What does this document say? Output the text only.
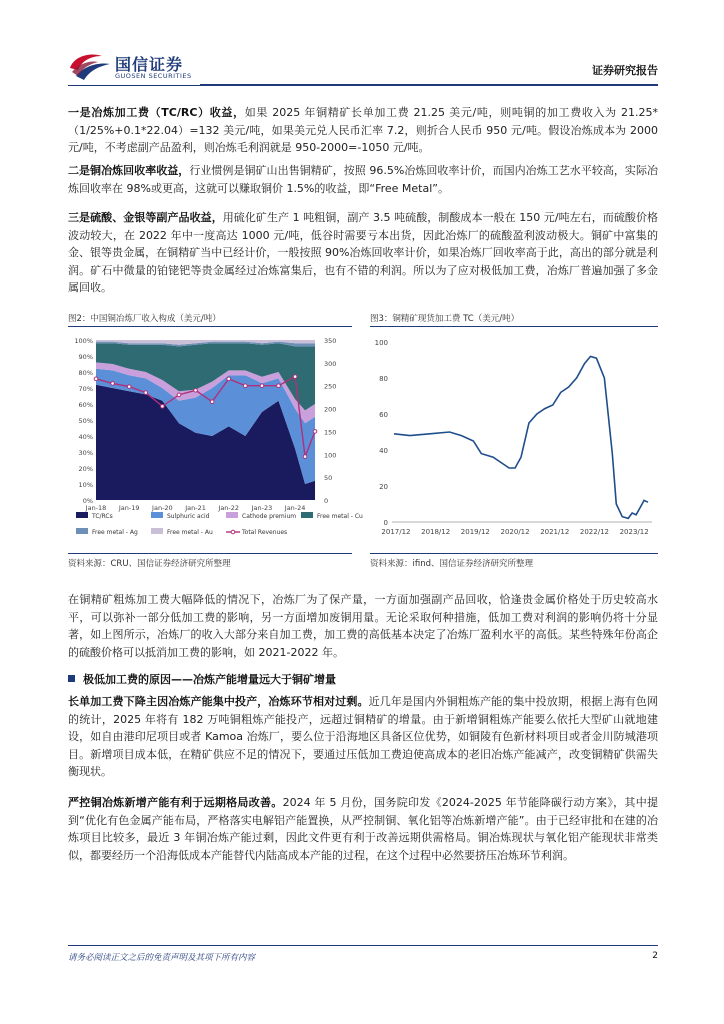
国信证券
GUOSEN SECURITIES	证券研究报告

一是冶炼加工费（TC/RC）收益，如果 2025 年铜精矿长单加工费 21.25 美元/吨，则吨铜的加工费收入为 21.25*（1/25%+0.1*22.04）=132 美元/吨，如果美元兑人民币汇率 7.2，则折合人民币 950 元/吨。假设冶炼成本为 2000 元/吨，不考虑副产品盈利，则冶炼毛利润就是 950-2000=-1050 元/吨。

二是铜冶炼回收率收益，行业惯例是铜矿山出售铜精矿，按照 96.5%冶炼回收率计价，而国内冶炼工艺水平较高，实际冶炼回收率在 98%或更高，这就可以赚取铜价 1.5%的收益，即“Free Metal”。

三是硫酸、金银等副产品收益，用硫化矿生产 1 吨粗铜，副产 3.5 吨硫酸，制酸成本一般在 150 元/吨左右，而硫酸价格波动较大，在 2022 年中一度高达 1000 元/吨，低谷时需要亏本出货，因此冶炼厂的硫酸盈利波动极大。铜矿中富集的金、银等贵金属，在铜精矿当中已经计价，一般按照 90%冶炼回收率计价，如果冶炼厂回收率高于此，高出的部分就是利润。矿石中微量的铂铑钯等贵金属经过冶炼富集后，也有不错的利润。所以为了应对极低加工费，冶炼厂普遍加强了多金属回收。

图2：中国铜冶炼厂收入构成（美元/吨）
0%
10%
20%
30%
40%
50%
60%
70%
80%
90%
100%
0
50
100
150
200
250
300
350
Jan-18 Jan-19 Jan-20 Jan-21 Jan-22 Jan-23 Jan-24
TC/RCs	Sulphuric acid	Cathode premium	Free metal - Cu
Free metal - Ag	Free metal - Au	Total Revenues
资料来源：CRU、国信证券经济研究所整理
图3：铜精矿现货加工费 TC（美元/吨）
0
20
40
60
80
100
2017/12 2018/12 2019/12 2020/12 2021/12 2022/12 2023/12
资料来源：ifind、国信证券经济研究所整理

在铜精矿粗炼加工费大幅降低的情况下，冶炼厂为了保产量，一方面加强副产品回收，恰逢贵金属价格处于历史较高水平，可以弥补一部分低加工费的影响，另一方面增加废铜用量。无论采取何种措施，低加工费对利润的影响仍将十分显著，如上图所示，冶炼厂的收入大部分来自加工费，加工费的高低基本决定了冶炼厂盈利水平的高低。某些特殊年份高企的硫酸价格可以抵消加工费的影响，如 2021-2022 年。

极低加工费的原因——冶炼产能增量远大于铜矿增量

长单加工费下降主因冶炼产能集中投产，冶炼环节相对过剩。近几年是国内外铜粗炼产能的集中投放期，根据上海有色网的统计，2025 年将有 182 万吨铜粗炼产能投产，远超过铜精矿的增量。由于新增铜粗炼产能要么依托大型矿山就地建设，如自由港印尼项目或者 Kamoa 冶炼厂，要么位于沿海地区具备区位优势，如铜陵有色新材料项目或者金川防城港项目。新增项目成本低，在精矿供应不足的情况下，要通过压低加工费迫使高成本的老旧冶炼产能减产，改变铜精矿供需失衡现状。

严控铜冶炼新增产能有利于远期格局改善。2024 年 5 月份，国务院印发《2024-2025 年节能降碳行动方案》，其中提到“优化有色金属产能布局，严格落实电解铝产能置换，从严控制铜、氧化铝等冶炼新增产能”。由于已经审批和在建的冶炼项目比较多，最近 3 年铜冶炼产能过剩，因此文件更有利于改善远期供需格局。铜冶炼现状与氧化铝产能现状非常类似，都要经历一个沿海低成本产能替代内陆高成本产能的过程，在这个过程中必然要挤压冶炼环节利润。

请务必阅读正文之后的免责声明及其项下所有内容	2
